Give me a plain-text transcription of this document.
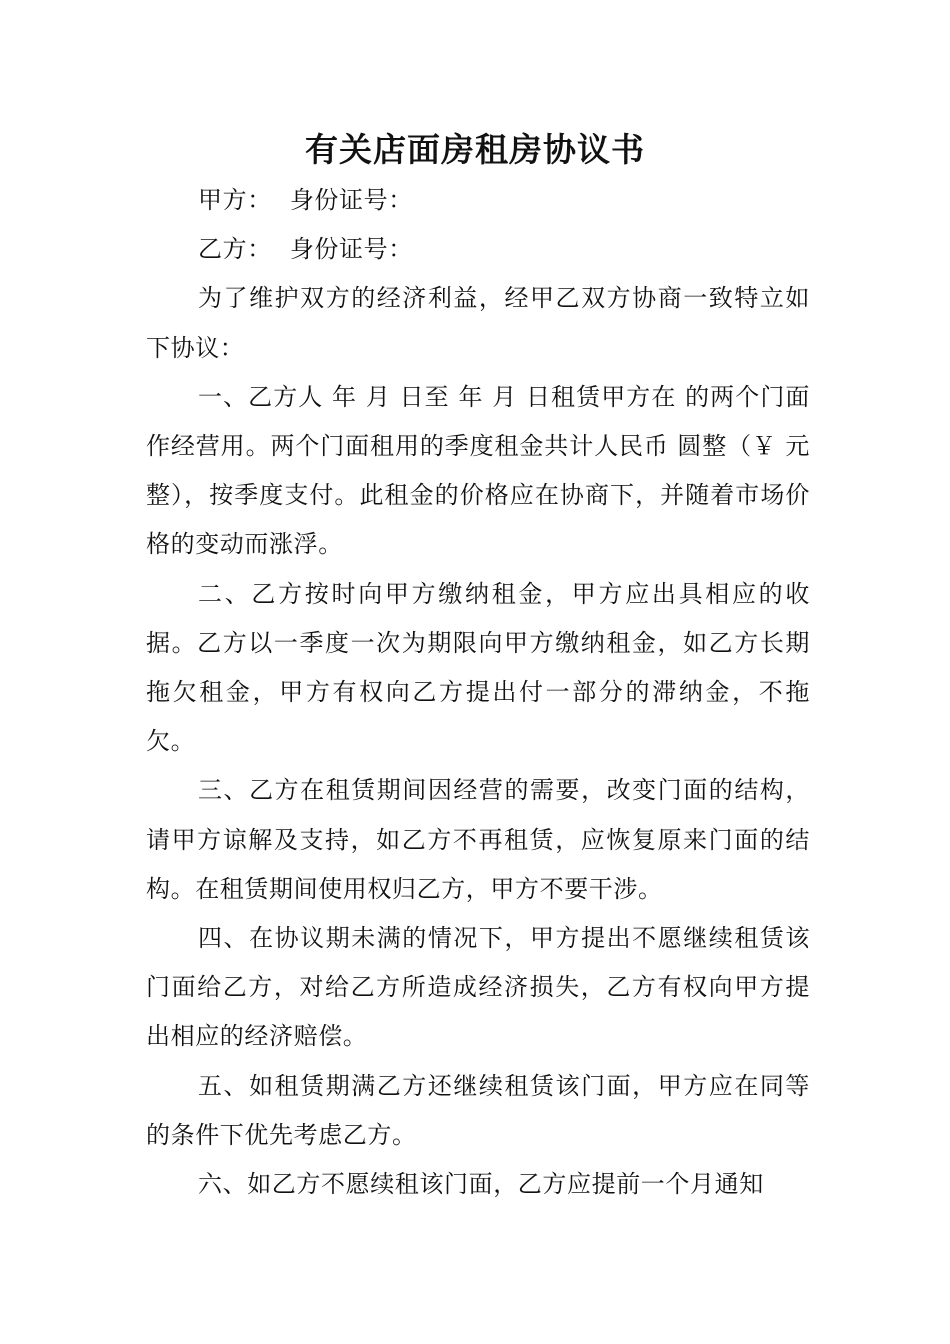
有关店面房租房协议书

甲方： 身份证号：

乙方： 身份证号：

为了维护双方的经济利益，经甲乙双方协商一致特立如下协议：

一、乙方人 年 月 日至 年 月 日租赁甲方在 的两个门面作经营用。两个门面租用的季度租金共计人民币 圆整（￥ 元整），按季度支付。此租金的价格应在协商下，并随着市场价格的变动而涨浮。

二、乙方按时向甲方缴纳租金，甲方应出具相应的收据。乙方以一季度一次为期限向甲方缴纳租金，如乙方长期拖欠租金，甲方有权向乙方提出付一部分的滞纳金，不拖欠。

三、乙方在租赁期间因经营的需要，改变门面的结构，请甲方谅解及支持，如乙方不再租赁，应恢复原来门面的结构。在租赁期间使用权归乙方，甲方不要干涉。

四、在协议期未满的情况下，甲方提出不愿继续租赁该门面给乙方，对给乙方所造成经济损失，乙方有权向甲方提出相应的经济赔偿。

五、如租赁期满乙方还继续租赁该门面，甲方应在同等的条件下优先考虑乙方。

六、如乙方不愿续租该门面，乙方应提前一个月通知
